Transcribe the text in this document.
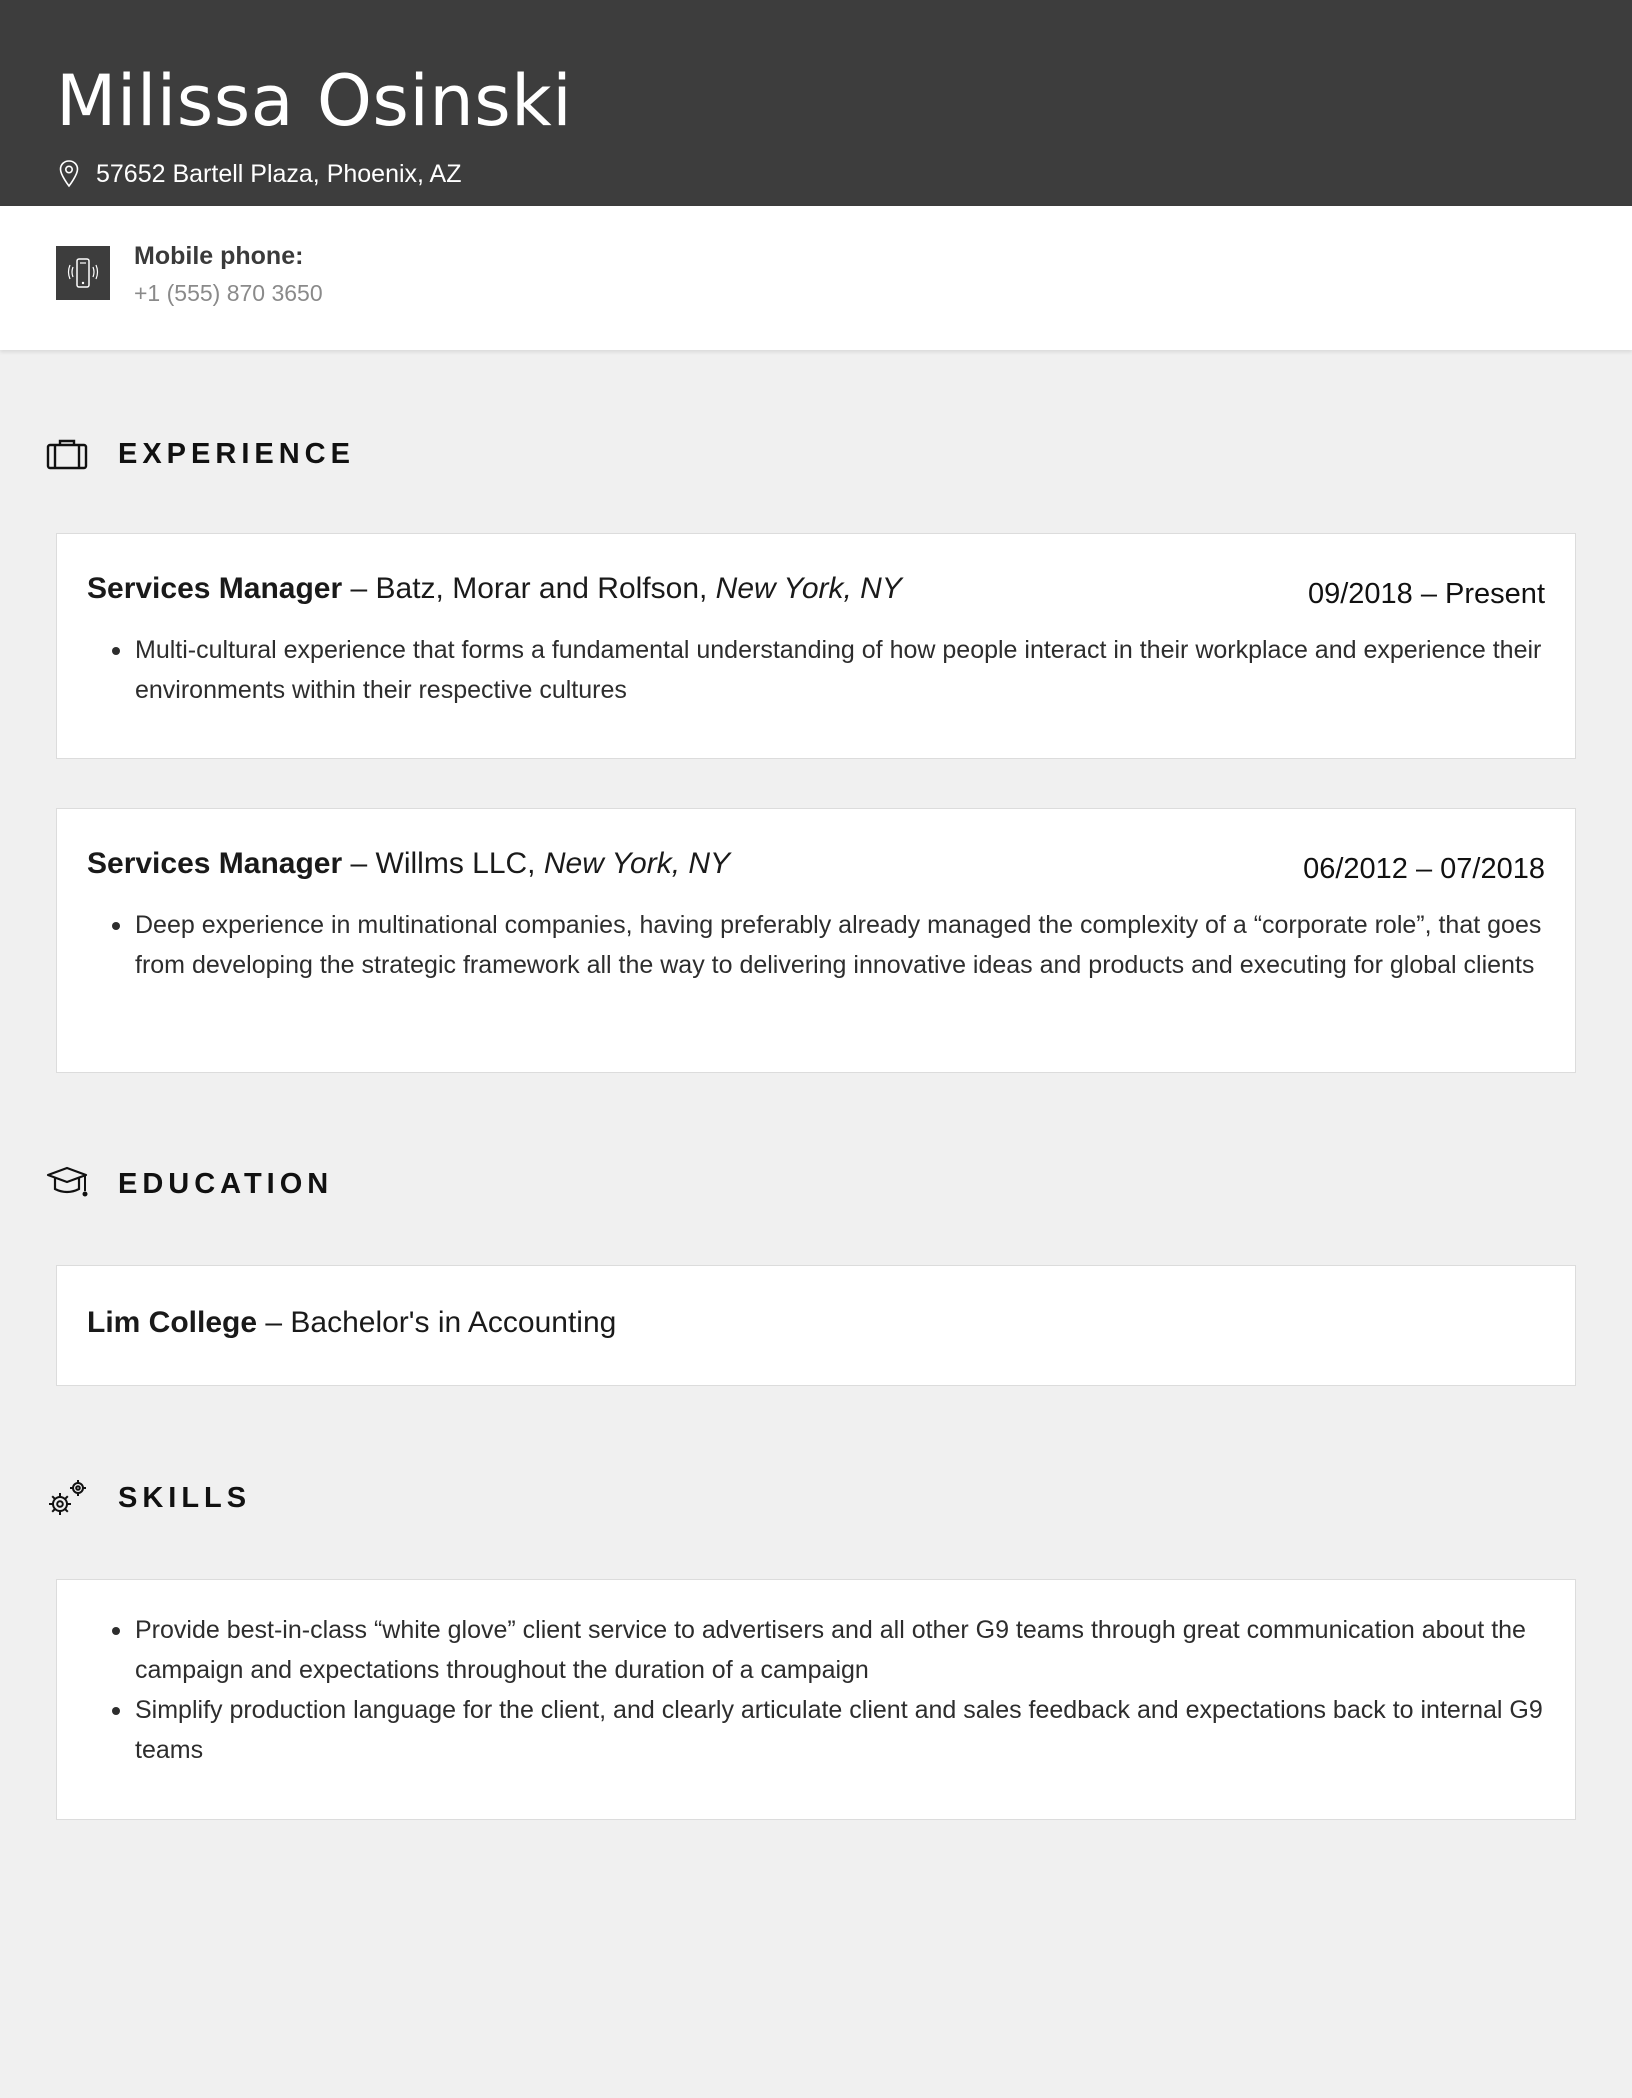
Milissa Osinski
57652 Bartell Plaza, Phoenix, AZ
Mobile phone:
+1 (555) 870 3650
EXPERIENCE
Services Manager – Batz, Morar and Rolfson, New York, NY	09/2018 – Present
Multi-cultural experience that forms a fundamental understanding of how people interact in their workplace and experience their environments within their respective cultures
Services Manager – Willms LLC, New York, NY	06/2012 – 07/2018
Deep experience in multinational companies, having preferably already managed the complexity of a “corporate role”, that goes from developing the strategic framework all the way to delivering innovative ideas and products and executing for global clients
EDUCATION
Lim College – Bachelor's in Accounting
SKILLS
Provide best-in-class “white glove” client service to advertisers and all other G9 teams through great communication about the campaign and expectations throughout the duration of a campaign
Simplify production language for the client, and clearly articulate client and sales feedback and expectations back to internal G9 teams
